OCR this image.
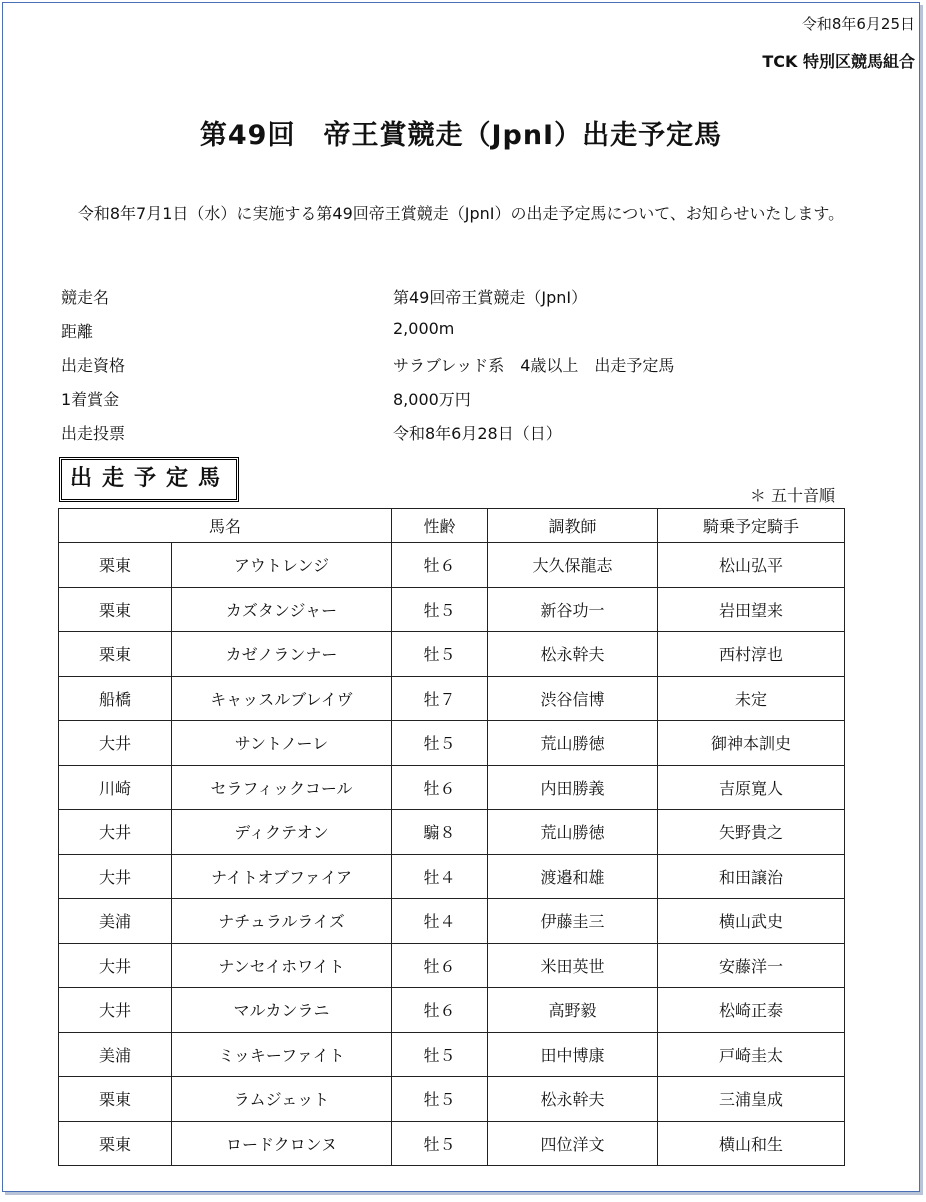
令和8年6月25日
TCK 特別区競馬組合
第49回　帝王賞競走（JpnⅠ）出走予定馬
令和8年7月1日（水）に実施する第49回帝王賞競走（JpnⅠ）の出走予定馬について、お知らせいたします。
競走名	第49回帝王賞競走（JpnⅠ）
距離	2,000m
出走資格	サラブレッド系　4歳以上　出走予定馬
1着賞金	8,000万円
出走投票	令和8年6月28日（日）
出走予定馬
＊ 五十音順
馬名		性齢	調教師	騎乗予定騎手
栗東	アウトレンジ	牡６	大久保龍志	松山弘平
栗東	カズタンジャー	牡５	新谷功一	岩田望来
栗東	カゼノランナー	牡５	松永幹夫	西村淳也
船橋	キャッスルブレイヴ	牡７	渋谷信博	未定
大井	サントノーレ	牡５	荒山勝徳	御神本訓史
川崎	セラフィックコール	牡６	内田勝義	吉原寛人
大井	ディクテオン	騸８	荒山勝徳	矢野貴之
大井	ナイトオブファイア	牡４	渡邉和雄	和田譲治
美浦	ナチュラルライズ	牡４	伊藤圭三	横山武史
大井	ナンセイホワイト	牡６	米田英世	安藤洋一
大井	マルカンラニ	牡６	高野毅	松崎正泰
美浦	ミッキーファイト	牡５	田中博康	戸崎圭太
栗東	ラムジェット	牡５	松永幹夫	三浦皇成
栗東	ロードクロンヌ	牡５	四位洋文	横山和生
